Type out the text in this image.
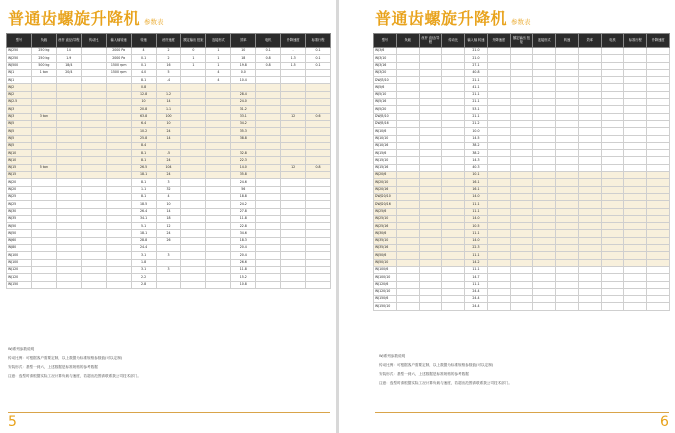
普通齿螺旋升降机 参数表
型号	负载	丝杆 直径/导程	传动比	输入轴转速	转速	丝杆速度	额定输出 扭矩	连接形式	效率	电机	升降速度	标准行程
WJ250	250 kg	14		2000 Pa	4	2	0	1	10	0.1	-	0.1
WJ250	250 kg	1.9		2000 Pa	0.1	2	1	1	18	0.8	1.3	0.1
WJ500	500 kg	18/4		1500 rpm	0.1	16	1	1	19.8	0.8	1.5	0.1
WJ1	1 ton	20/4		1500 rpm	4.0	5		4	0.0			
WJ1					8.1	-4		4	10.4			
WJ2					0.8							
WJ2					12.8	1.2			28.4			
WJ2.5					10	14			24.0			
WJ3					20.8	1.1			31.2			
WJ3	3 ton				63.8	100			33.1		12	0.6
WJ5					6.4	10			34.2			
WJ5					10.2	24			35.3			
WJ5					25.8	14			38.8			
WJ5					8.4							
WJ10					8.1	-5			32.8			
WJ10					8.1	24			22.3			
WJ15	5 ton				26.5	104			14.0		12	0.8
WJ15					18.1	24			35.8			
WJ20					8.1	3			24.6			
WJ20					1.1	32			56			
WJ25					8.1	4			18.8			
WJ25					18.5	10			24.2			
WJ30					26.4	14			27.8			
WJ35					34.1	18			11.8			
WJ50					5.1	12			22.8			
WJ50					18.1	24			34.6			
WJ60					28.8	26			18.3			
WJ80					24.4				20.4			
WJ100					3.1	3			20.4			
WJ100					1.8				26.6			
WJ120					3.1	3			11.8			
WJ120					2.2				15.2			
WJ150					2.8				10.8			
WJ系列参数说明
传动比例：可根据客户需要定制，以上数据为标准规格参数值(可以定制)
安装形式：基型一到六，上述数据是标准规格的参考数据
注意：选型时请根据实际工况计算负载与速度，若超出范围请联系我公司技术部门。
5
普通齿螺旋升降机 参数表
型号	负载	丝杆 直径/导程	传动比	输入轴 转速	升降速度	额定输出 扭矩	连接形式	转速	效率	电机	标准行程	升降速度
WJ3/6				21.0								
WJ3/10				21.0								
WJ3/16				27.1								
WJ3/20				40.8								
DWJ3/10				21.1								
WJ5/6				41.1								
WJ5/10				21.1								
WJ5/16				21.1								
WJ5/20				53.1								
DWJ5/10				21.1								
DWJ5/16				21.2								
WJ10/6				10.0								
WJ10/10				14.5								
WJ10/16				38.2								
WJ15/6				38.2								
WJ15/10				14.3								
WJ15/16				40.3								
WJ20/6				10.1								
WJ20/10				16.1								
WJ20/16				16.1								
DWJ20/10				14.0								
DWJ20/16				11.1								
WJ25/6				11.1								
WJ25/10				14.0								
WJ25/16				10.5								
WJ30/6				11.1								
WJ35/10				14.0								
WJ35/16				22.3								
WJ50/6				11.1								
WJ50/10				14.2								
WJ100/6				11.1								
WJ100/10				14.7								
WJ120/6				11.1								
WJ120/10				24.4								
WJ150/6				24.4								
WJ150/10				24.4								
WJ系列参数说明
传动比例：可根据客户需要定制，以上数据为标准规格参数值(可以定制)
安装形式：基型一到六，上述数据是标准规格的参考数据
注意：选型时请根据实际工况计算负载与速度，若超出范围请联系我公司技术部门。
6
